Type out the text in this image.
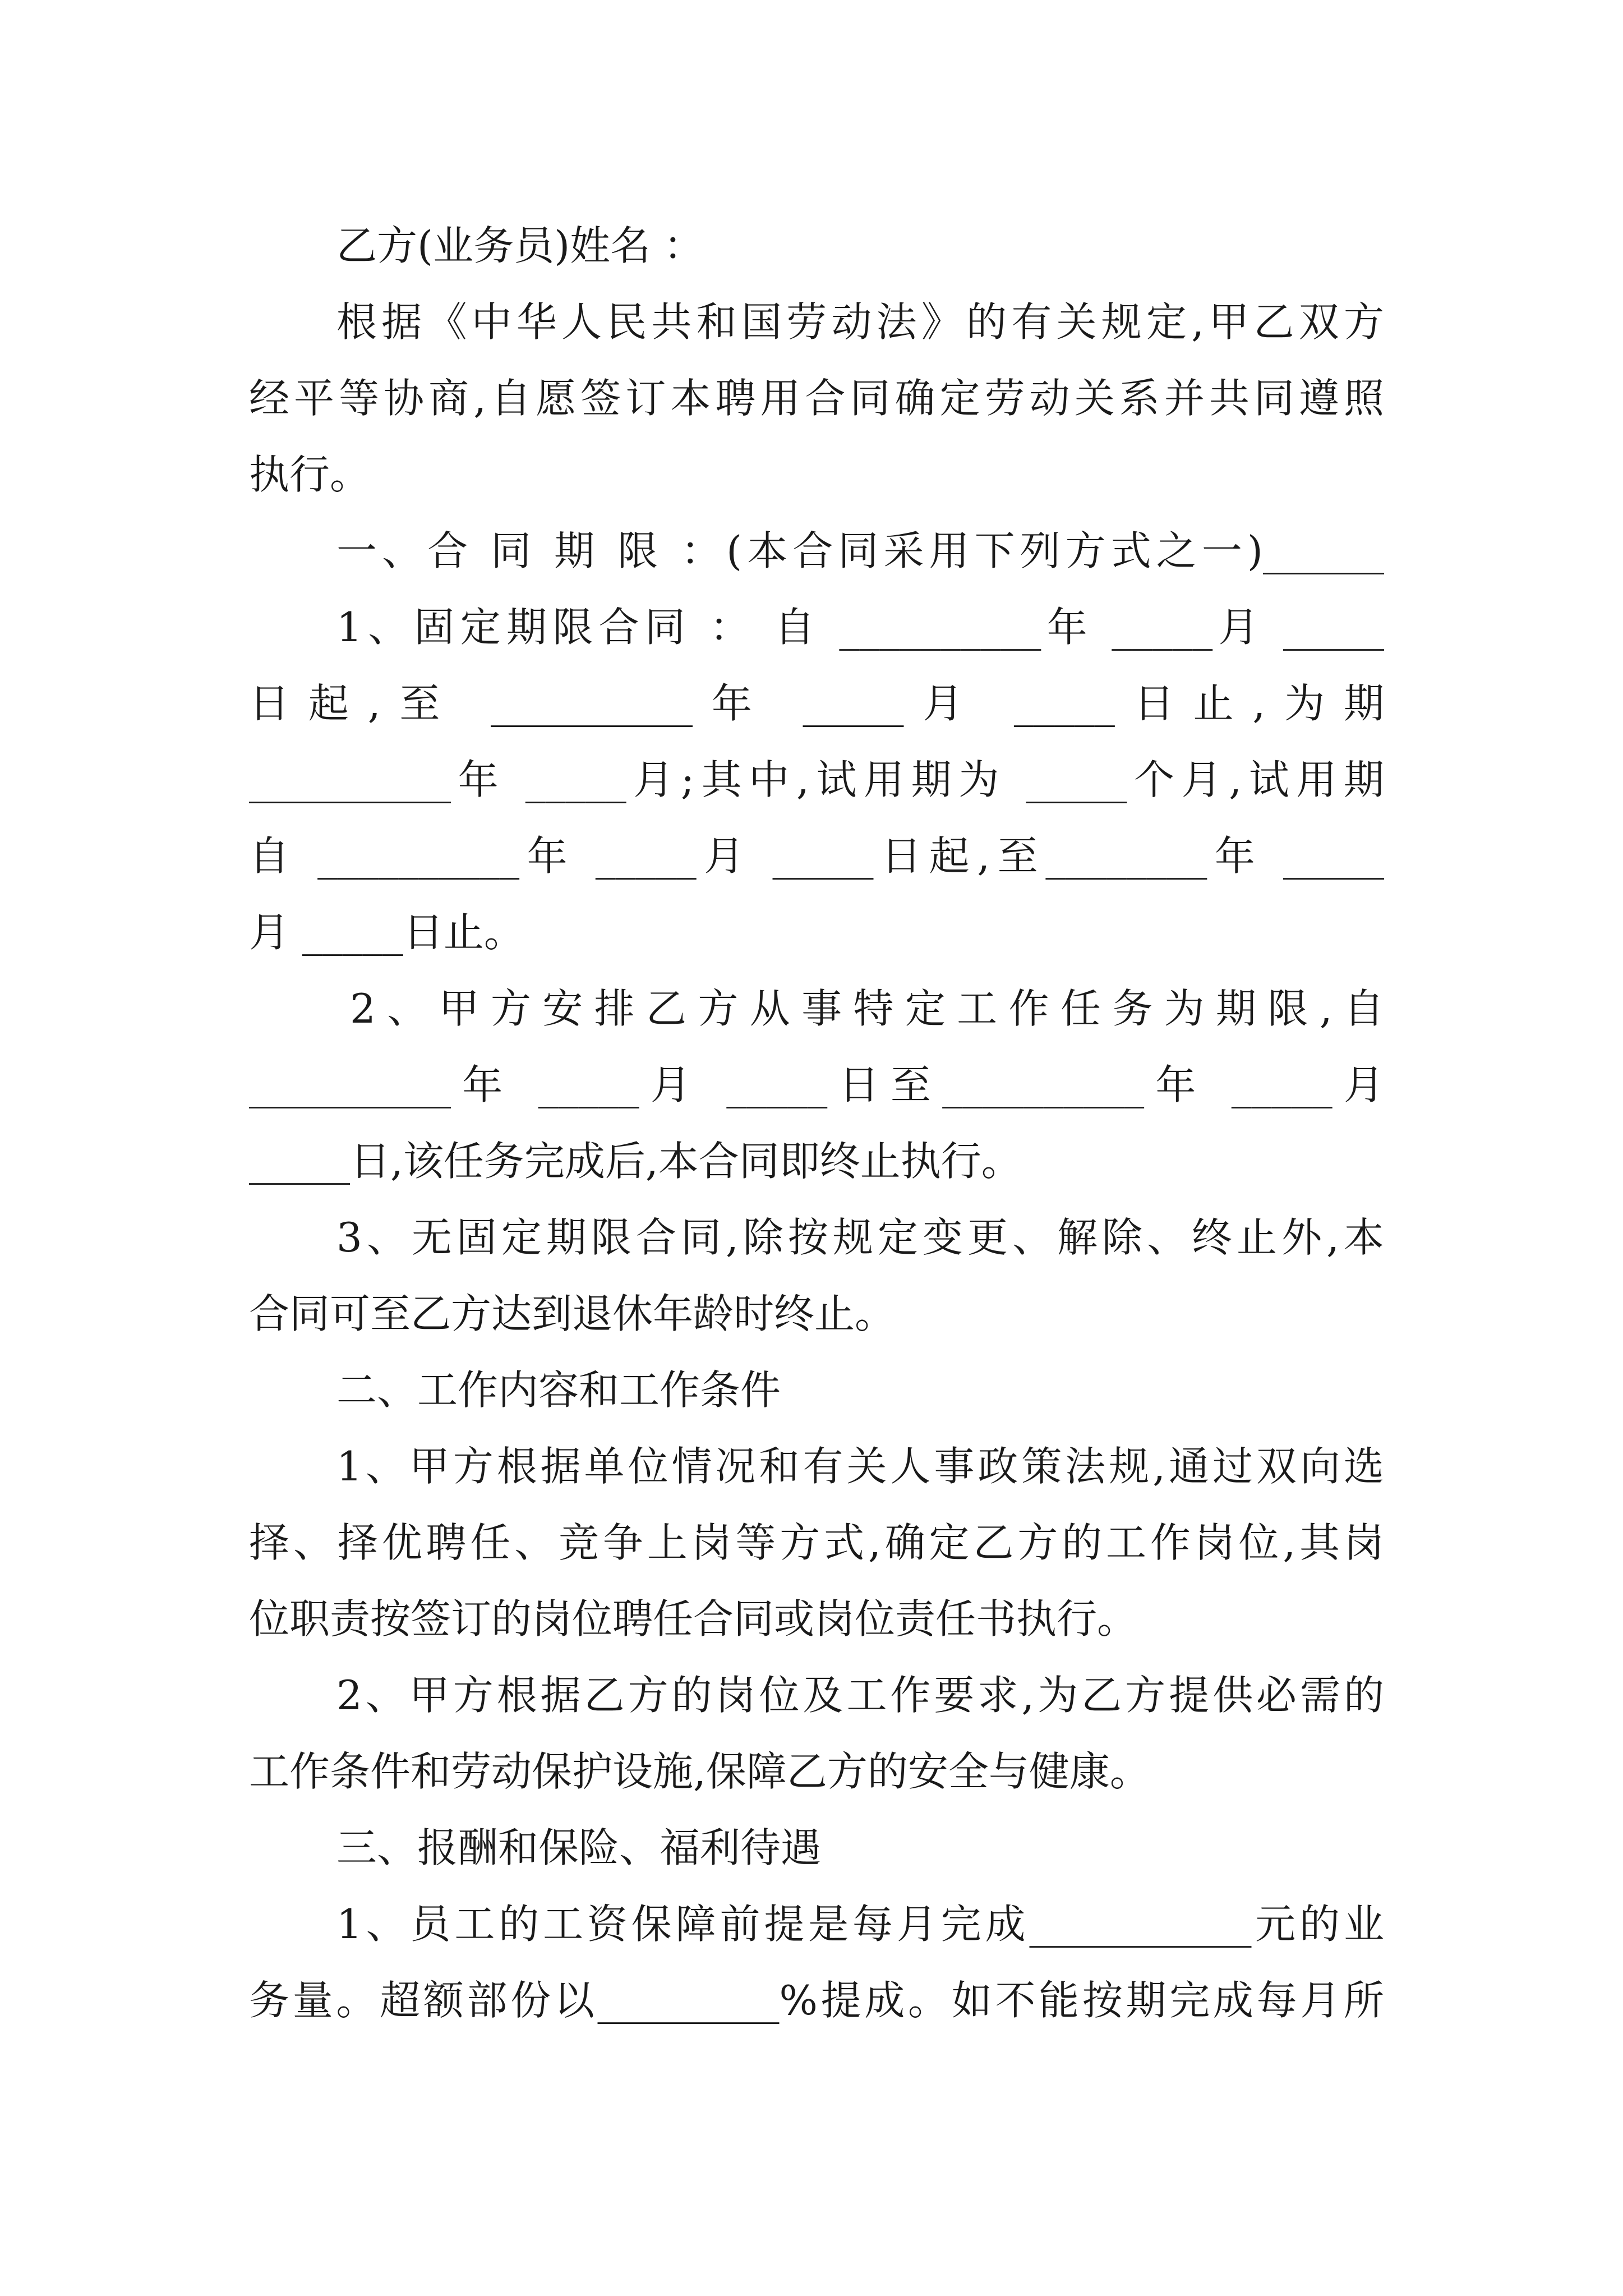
乙方(业务员)姓名 ：
根据《中华人民共和国劳动法》的有关规定,甲乙双方
经平等协商,自愿签订本聘用合同确定劳动关系并共同遵照
执行。
一、合 同 期 限 ：(本合同采用下列方式之一)______
1、固定期限合同 ： 自 __________年 _____月 _____
日起,至 __________年 _____月 _____日止,为期
__________年 _____月;其中,试用期为 _____个月,试用期
自 __________年 _____月 _____日起,至________年 _____
月 _____日止。
2、甲方安排乙方从事特定工作任务为期限,自
__________年 _____月 _____日至__________年 _____月
_____日,该任务完成后,本合同即终止执行。
3、无固定期限合同,除按规定变更、解除、终止外,本
合同可至乙方达到退休年龄时终止。
二、工作内容和工作条件
1、甲方根据单位情况和有关人事政策法规,通过双向选
择、择优聘任、竞争上岗等方式,确定乙方的工作岗位,其岗
位职责按签订的岗位聘任合同或岗位责任书执行。
2、甲方根据乙方的岗位及工作要求,为乙方提供必需的
工作条件和劳动保护设施,保障乙方的安全与健康。
三、报酬和保险、福利待遇
1、员工的工资保障前提是每月完成___________元的业
务量。超额部份以_________%提成。如不能按期完成每月所
